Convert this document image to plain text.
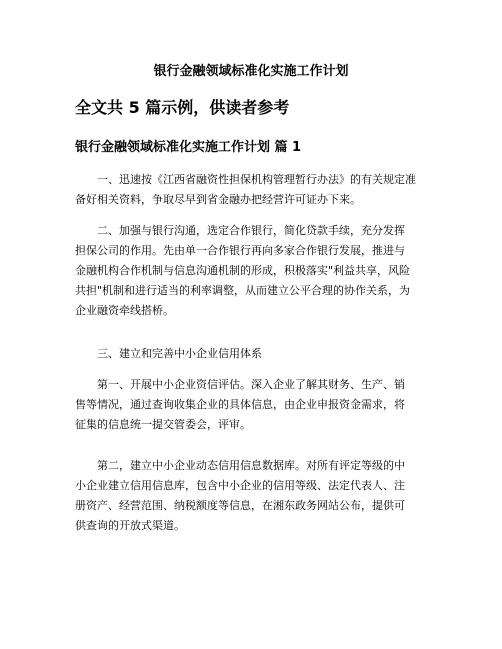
银行金融领域标准化实施工作计划
全文共 5 篇示例，供读者参考
银行金融领域标准化实施工作计划 篇 1
一、迅速按《江西省融资性担保机构管理暂行办法》的有关规定准
备好相关资料，争取尽早到省金融办把经营许可证办下来。
二、加强与银行沟通，选定合作银行，简化贷款手续，充分发挥
担保公司的作用。先由单一合作银行再向多家合作银行发展，推进与
金融机构合作机制与信息沟通机制的形成，积极落实"利益共享，风险
共担"机制和进行适当的利率调整，从而建立公平合理的协作关系，为
企业融资牵线搭桥。
三、建立和完善中小企业信用体系
第一、开展中小企业资信评估。深入企业了解其财务、生产、销
售等情况，通过查询收集企业的具体信息，由企业申报资金需求，将
征集的信息统一提交管委会，评审。
第二，建立中小企业动态信用信息数据库。对所有评定等级的中
小企业建立信用信息库，包含中小企业的信用等级、法定代表人、注
册资产、经营范围、纳税额度等信息，在湘东政务网站公布，提供可
供查询的开放式渠道。
